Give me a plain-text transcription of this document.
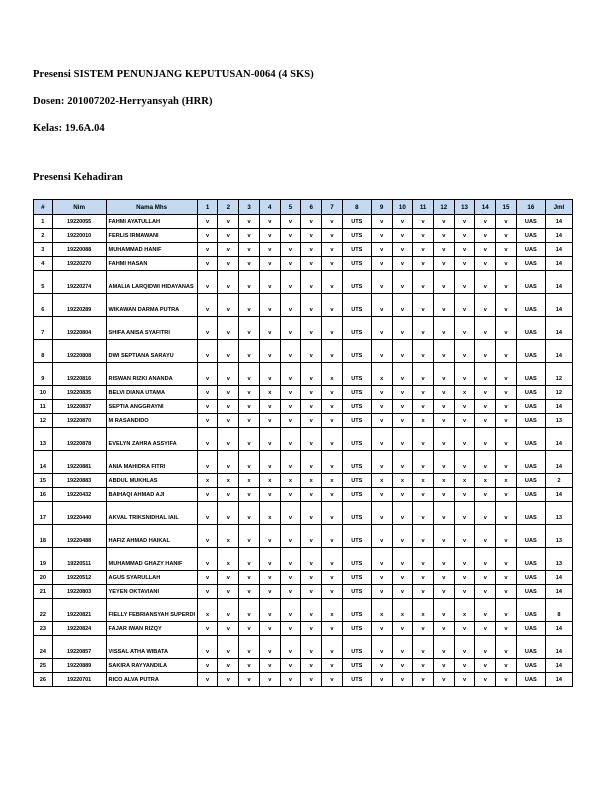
Presensi SISTEM PENUNJANG KEPUTUSAN-0064 (4 SKS)
Dosen: 201007202-Herryansyah (HRR)
Kelas: 19.6A.04
Presensi Kehadiran
#	Nim	Nama Mhs	1	2	3	4	5	6	7	8	9	10	11	12	13	14	15	16	Jml
1	19220055	FAHMI AYATULLAH	v	v	v	v	v	v	v	UTS	v	v	v	v	v	v	v	UAS	14
2	19220010	FERLIS IRMAWANI	v	v	v	v	v	v	v	UTS	v	v	v	v	v	v	v	UAS	14
3	19220088	MUHAMMAD HANIF	v	v	v	v	v	v	v	UTS	v	v	v	v	v	v	v	UAS	14
4	19220270	FAHMI HASAN	v	v	v	v	v	v	v	UTS	v	v	v	v	v	v	v	UAS	14
5	19220274	AMALIA LARQIDWI HIDAYANAS	v	v	v	v	v	v	v	UTS	v	v	v	v	v	v	v	UAS	14
6	19220289	WIKAWAN DARMA PUTRA	v	v	v	v	v	v	v	UTS	v	v	v	v	v	v	v	UAS	14
7	19220804	SHIFA ANISA SYAFITRI	v	v	v	v	v	v	v	UTS	v	v	v	v	v	v	v	UAS	14
8	19220808	DWI SEPTIANA SARAYU	v	v	v	v	v	v	v	UTS	v	v	v	v	v	v	v	UAS	14
9	19220816	RISWAN RIZKI ANANDA	v	v	v	v	v	v	x	UTS	x	v	v	v	v	v	v	UAS	12
10	19220835	BELVI DIANA UTAMA	v	v	v	x	v	v	v	UTS	v	v	v	v	x	v	v	UAS	12
11	19220837	SEPTIA ANGGRAYNI	v	v	v	v	v	v	v	UTS	v	v	v	v	v	v	v	UAS	14
12	19220870	M RASANDIDO	v	v	v	v	v	v	v	UTS	v	v	x	v	v	v	v	UAS	13
13	19220878	EVELYN ZAHRA ASSYIFA	v	v	v	v	v	v	v	UTS	v	v	v	v	v	v	v	UAS	14
14	19220881	ANIA MAHIDRA FITRI	v	v	v	v	v	v	v	UTS	v	v	v	v	v	v	v	UAS	14
15	19220883	ABDUL MUKHLAS	x	x	x	x	x	x	x	UTS	x	x	x	x	x	x	x	UAS	2
16	19220432	BAIHAQI AHMAD AJI	v	v	v	v	v	v	v	UTS	v	v	v	v	v	v	v	UAS	14
17	19220440	AKVAL TRIKSNIDHAL IAIL	v	v	v	x	v	v	v	UTS	v	v	v	v	v	v	v	UAS	13
18	19220488	HAFIZ AHMAD HAIKAL	v	x	v	v	v	v	v	UTS	v	v	v	v	v	v	v	UAS	13
19	19220511	MUHAMMAD GHAZY HANIF	v	x	v	v	v	v	v	UTS	v	v	v	v	v	v	v	UAS	13
20	19220512	AGUS SYARULLAH	v	v	v	v	v	v	v	UTS	v	v	v	v	v	v	v	UAS	14
21	19220803	YEYEN OKTAVIANI	v	v	v	v	v	v	v	UTS	v	v	v	v	v	v	v	UAS	14
22	19220821	FIELLY FEBRIANSYAH SUPERDI	x	v	v	v	v	v	x	UTS	x	x	x	v	x	v	v	UAS	8
23	19220824	FAJAR IWAN RIZQY	v	v	v	v	v	v	v	UTS	v	v	v	v	v	v	v	UAS	14
24	19220857	VISSAL ATHA WIBATA	v	v	v	v	v	v	v	UTS	v	v	v	v	v	v	v	UAS	14
25	19220889	SAKIRA RAYYANDILA	v	v	v	v	v	v	v	UTS	v	v	v	v	v	v	v	UAS	14
26	19220701	RICO ALVA PUTRA	v	v	v	v	v	v	v	UTS	v	v	v	v	v	v	v	UAS	14
